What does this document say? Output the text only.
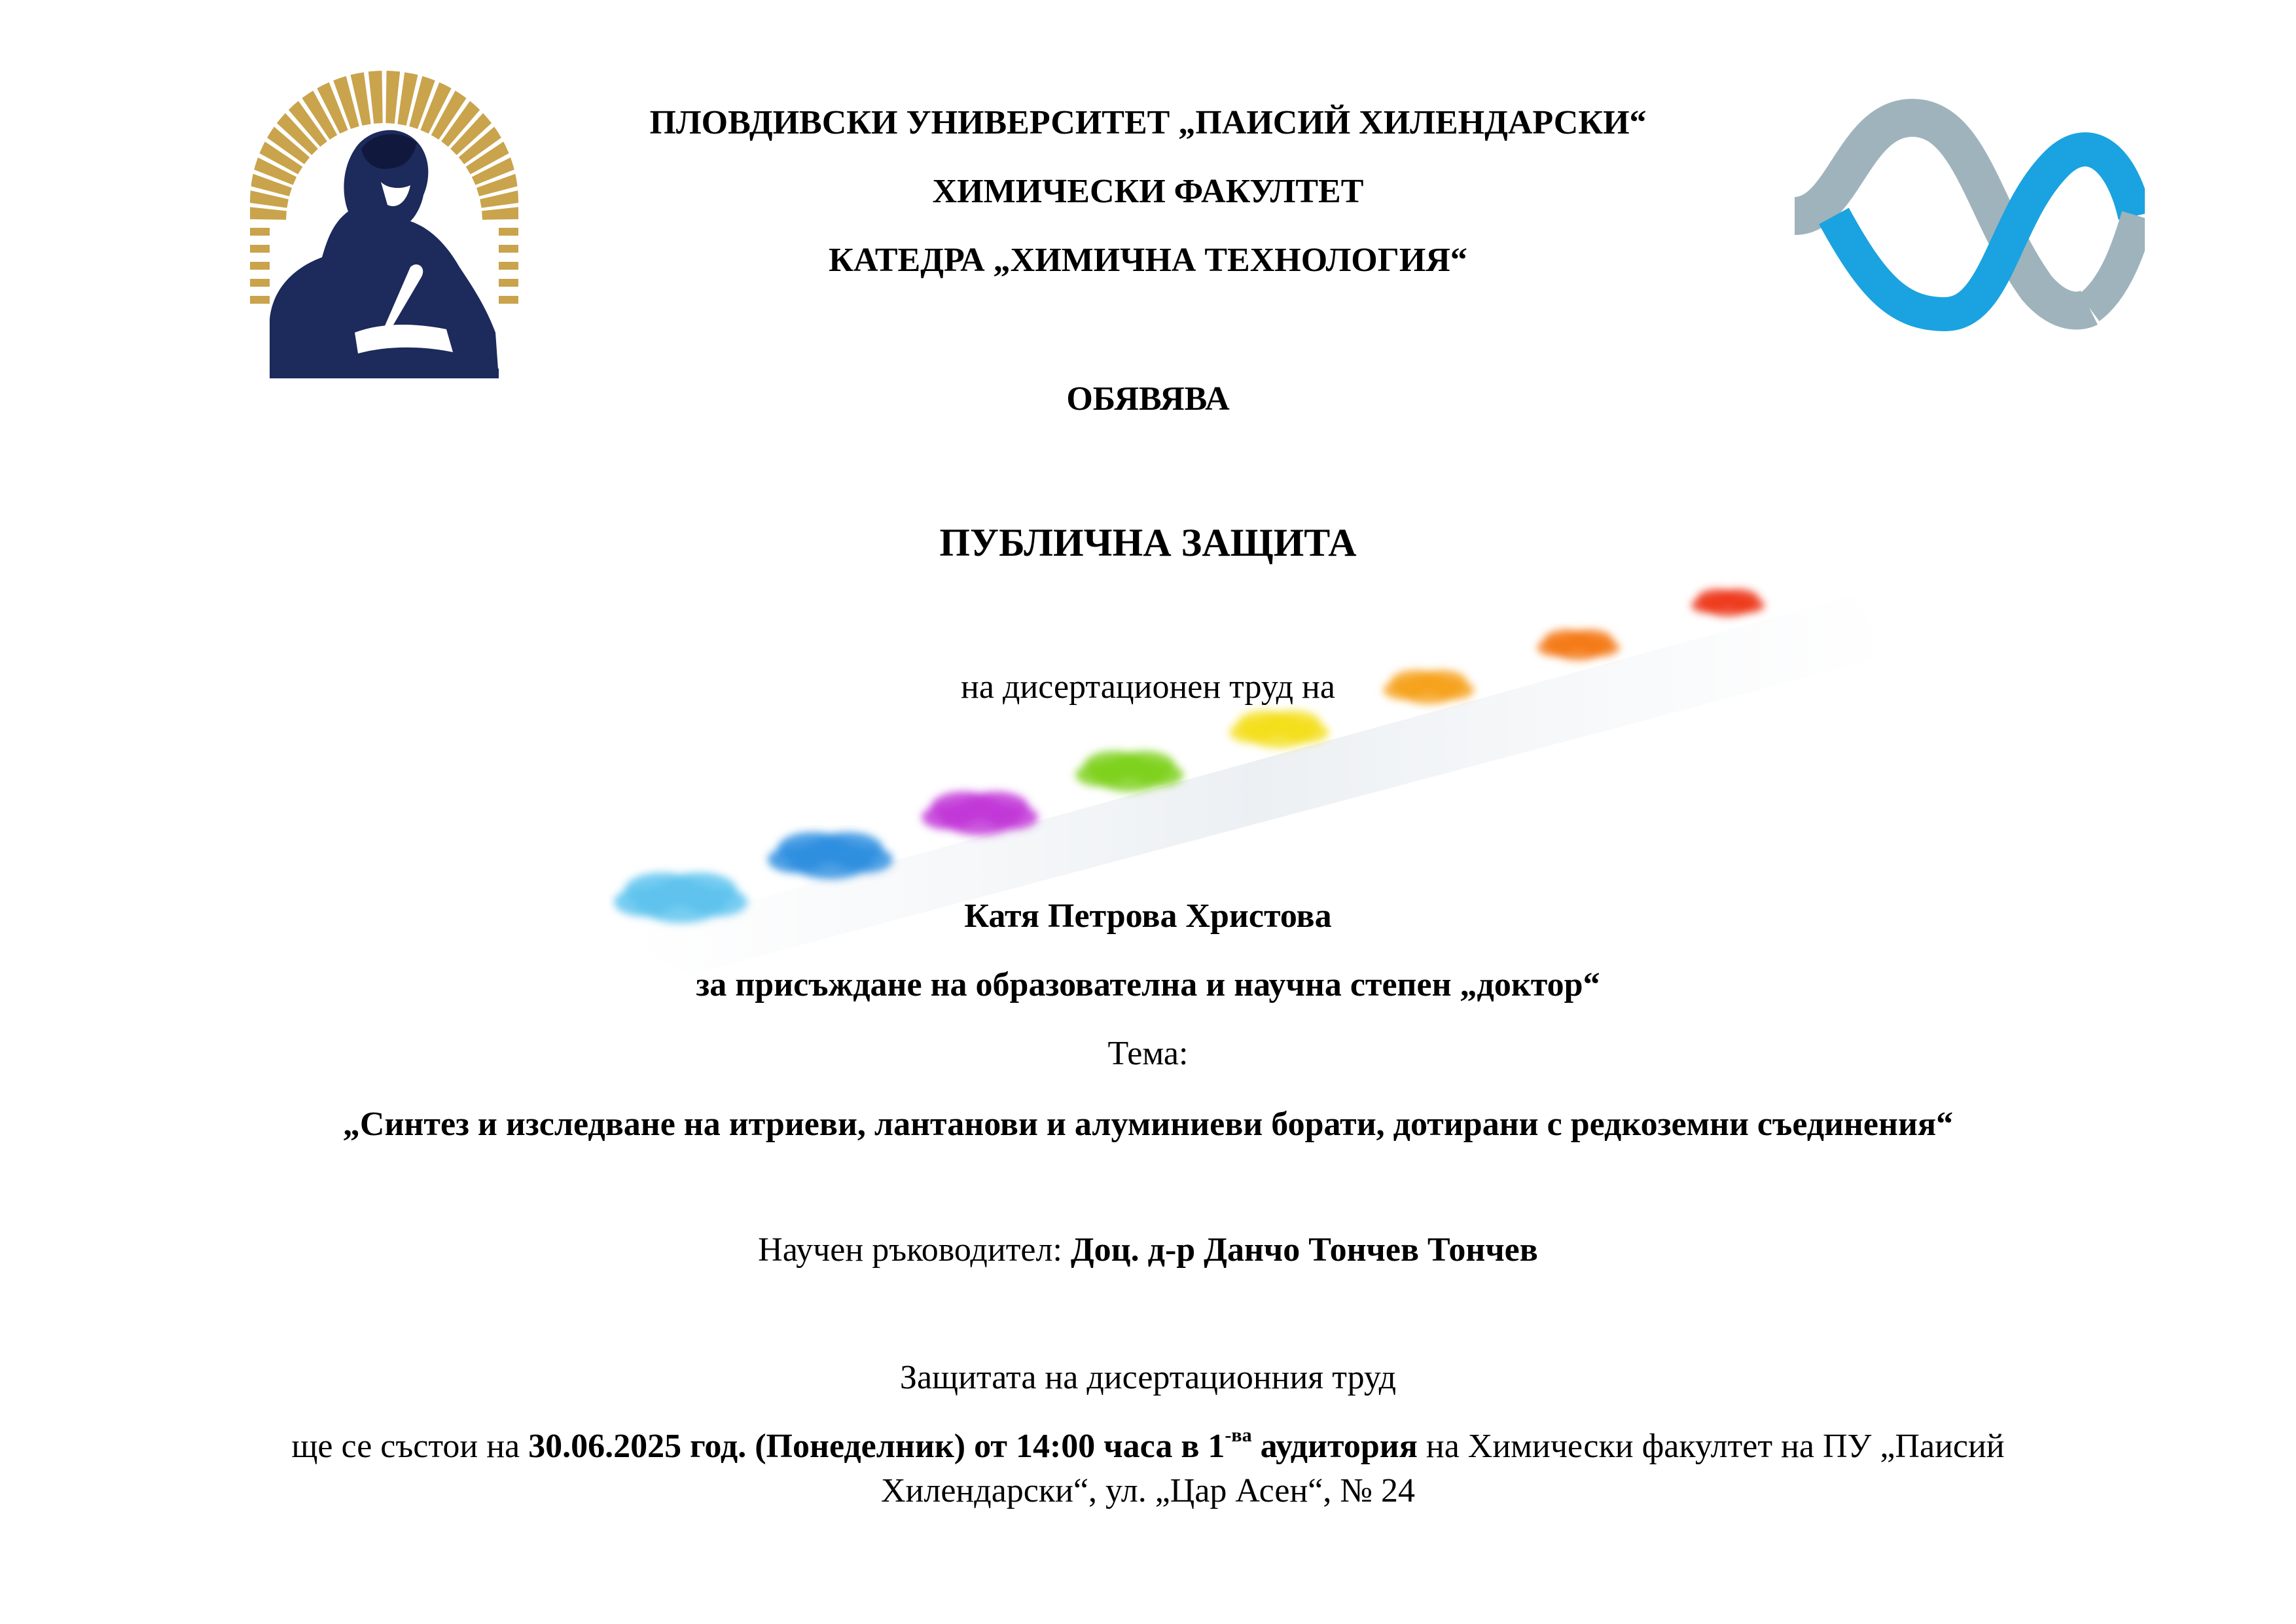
ПЛОВДИВСКИ УНИВЕРСИТЕТ „ПАИСИЙ ХИЛЕНДАРСКИ“
ХИМИЧЕСКИ ФАКУЛТЕТ
КАТЕДРА „ХИМИЧНА ТЕХНОЛОГИЯ“
ОБЯВЯВА
ПУБЛИЧНА ЗАЩИТА
на дисертационен труд на
Катя Петрова Христова
за присъждане на образователна и научна степен „доктор“
Тема:
„Синтез и изследване на итриеви, лантанови и алуминиеви борати, дотирани с редкоземни съединения“
Научен ръководител: Доц. д-р Данчо Тончев Тончев
Защитата на дисертационния труд
ще се състои на 30.06.2025 год. (Понеделник) от 14:00 часа в $1^{-ва}$ аудитория на Химически факултет на ПУ „Паисий
Хилендарски“, ул. „Цар Асен“, № 24
